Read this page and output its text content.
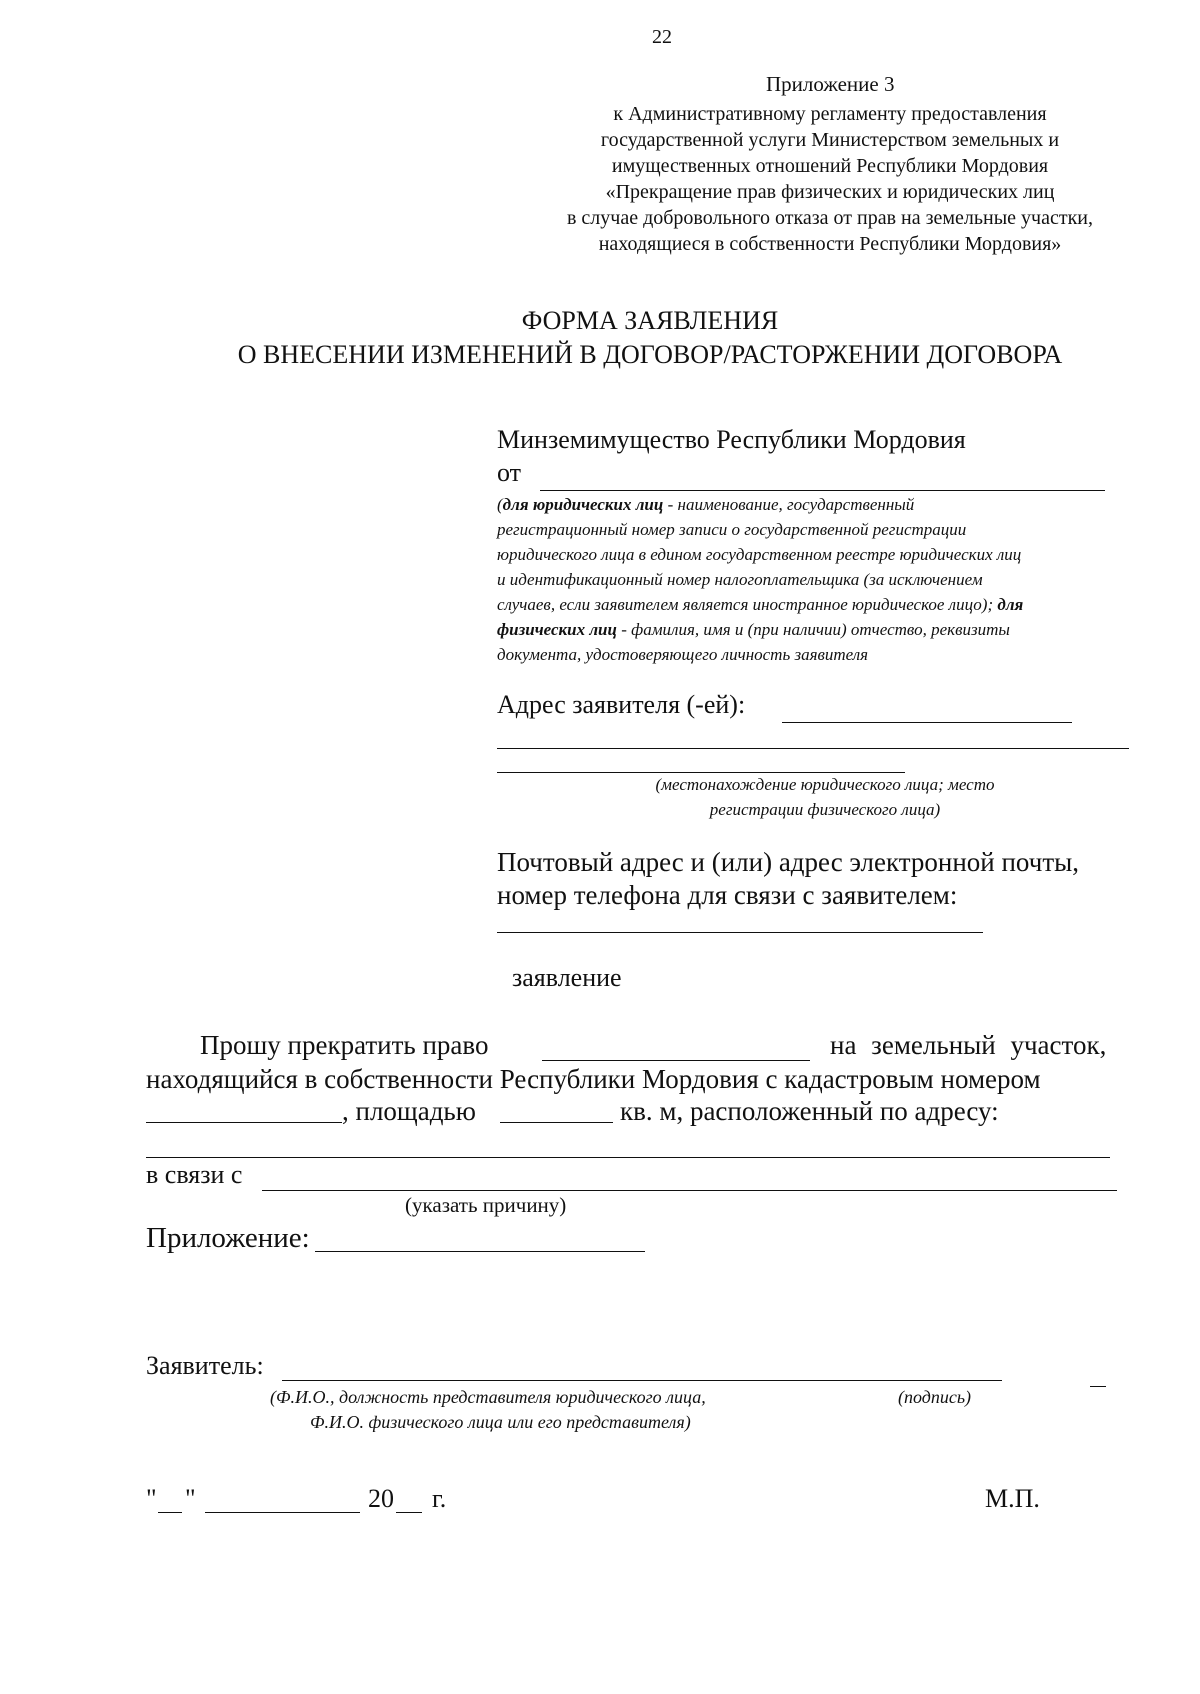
22
Приложение 3
к Административному регламенту предоставления
государственной услуги Министерством земельных и
имущественных отношений Республики Мордовия
«Прекращение прав физических и юридических лиц
в случае добровольного отказа от прав на земельные участки,
находящиеся в собственности Республики Мордовия»
ФОРМА ЗАЯВЛЕНИЯ
О ВНЕСЕНИИ ИЗМЕНЕНИЙ В ДОГОВОР/РАСТОРЖЕНИИ ДОГОВОРА
Минземимущество Республики Мордовия
от
(для юридических лиц - наименование, государственный
регистрационный номер записи о государственной регистрации
юридического лица в едином государственном реестре юридических лиц
и идентификационный номер налогоплательщика (за исключением
случаев, если заявителем является иностранное юридическое лицо); для
физических лиц - фамилия, имя и (при наличии) отчество, реквизиты
документа, удостоверяющего личность заявителя
Адрес заявителя (-ей):
(местонахождение юридического лица; место
регистрации физического лица)
Почтовый адрес и (или) адрес электронной почты,
номер телефона для связи с заявителем:
заявление
Прошу прекратить право	на земельный участок,
находящийся в собственности Республики Мордовия с кадастровым номером
, площадью	кв. м, расположенный по адресу:
в связи с
(указать причину)
Приложение:
Заявитель:
(Ф.И.О., должность представителя юридического лица,
Ф.И.О. физического лица или его представителя)
(подпись)
" "	20 г.	М.П.
